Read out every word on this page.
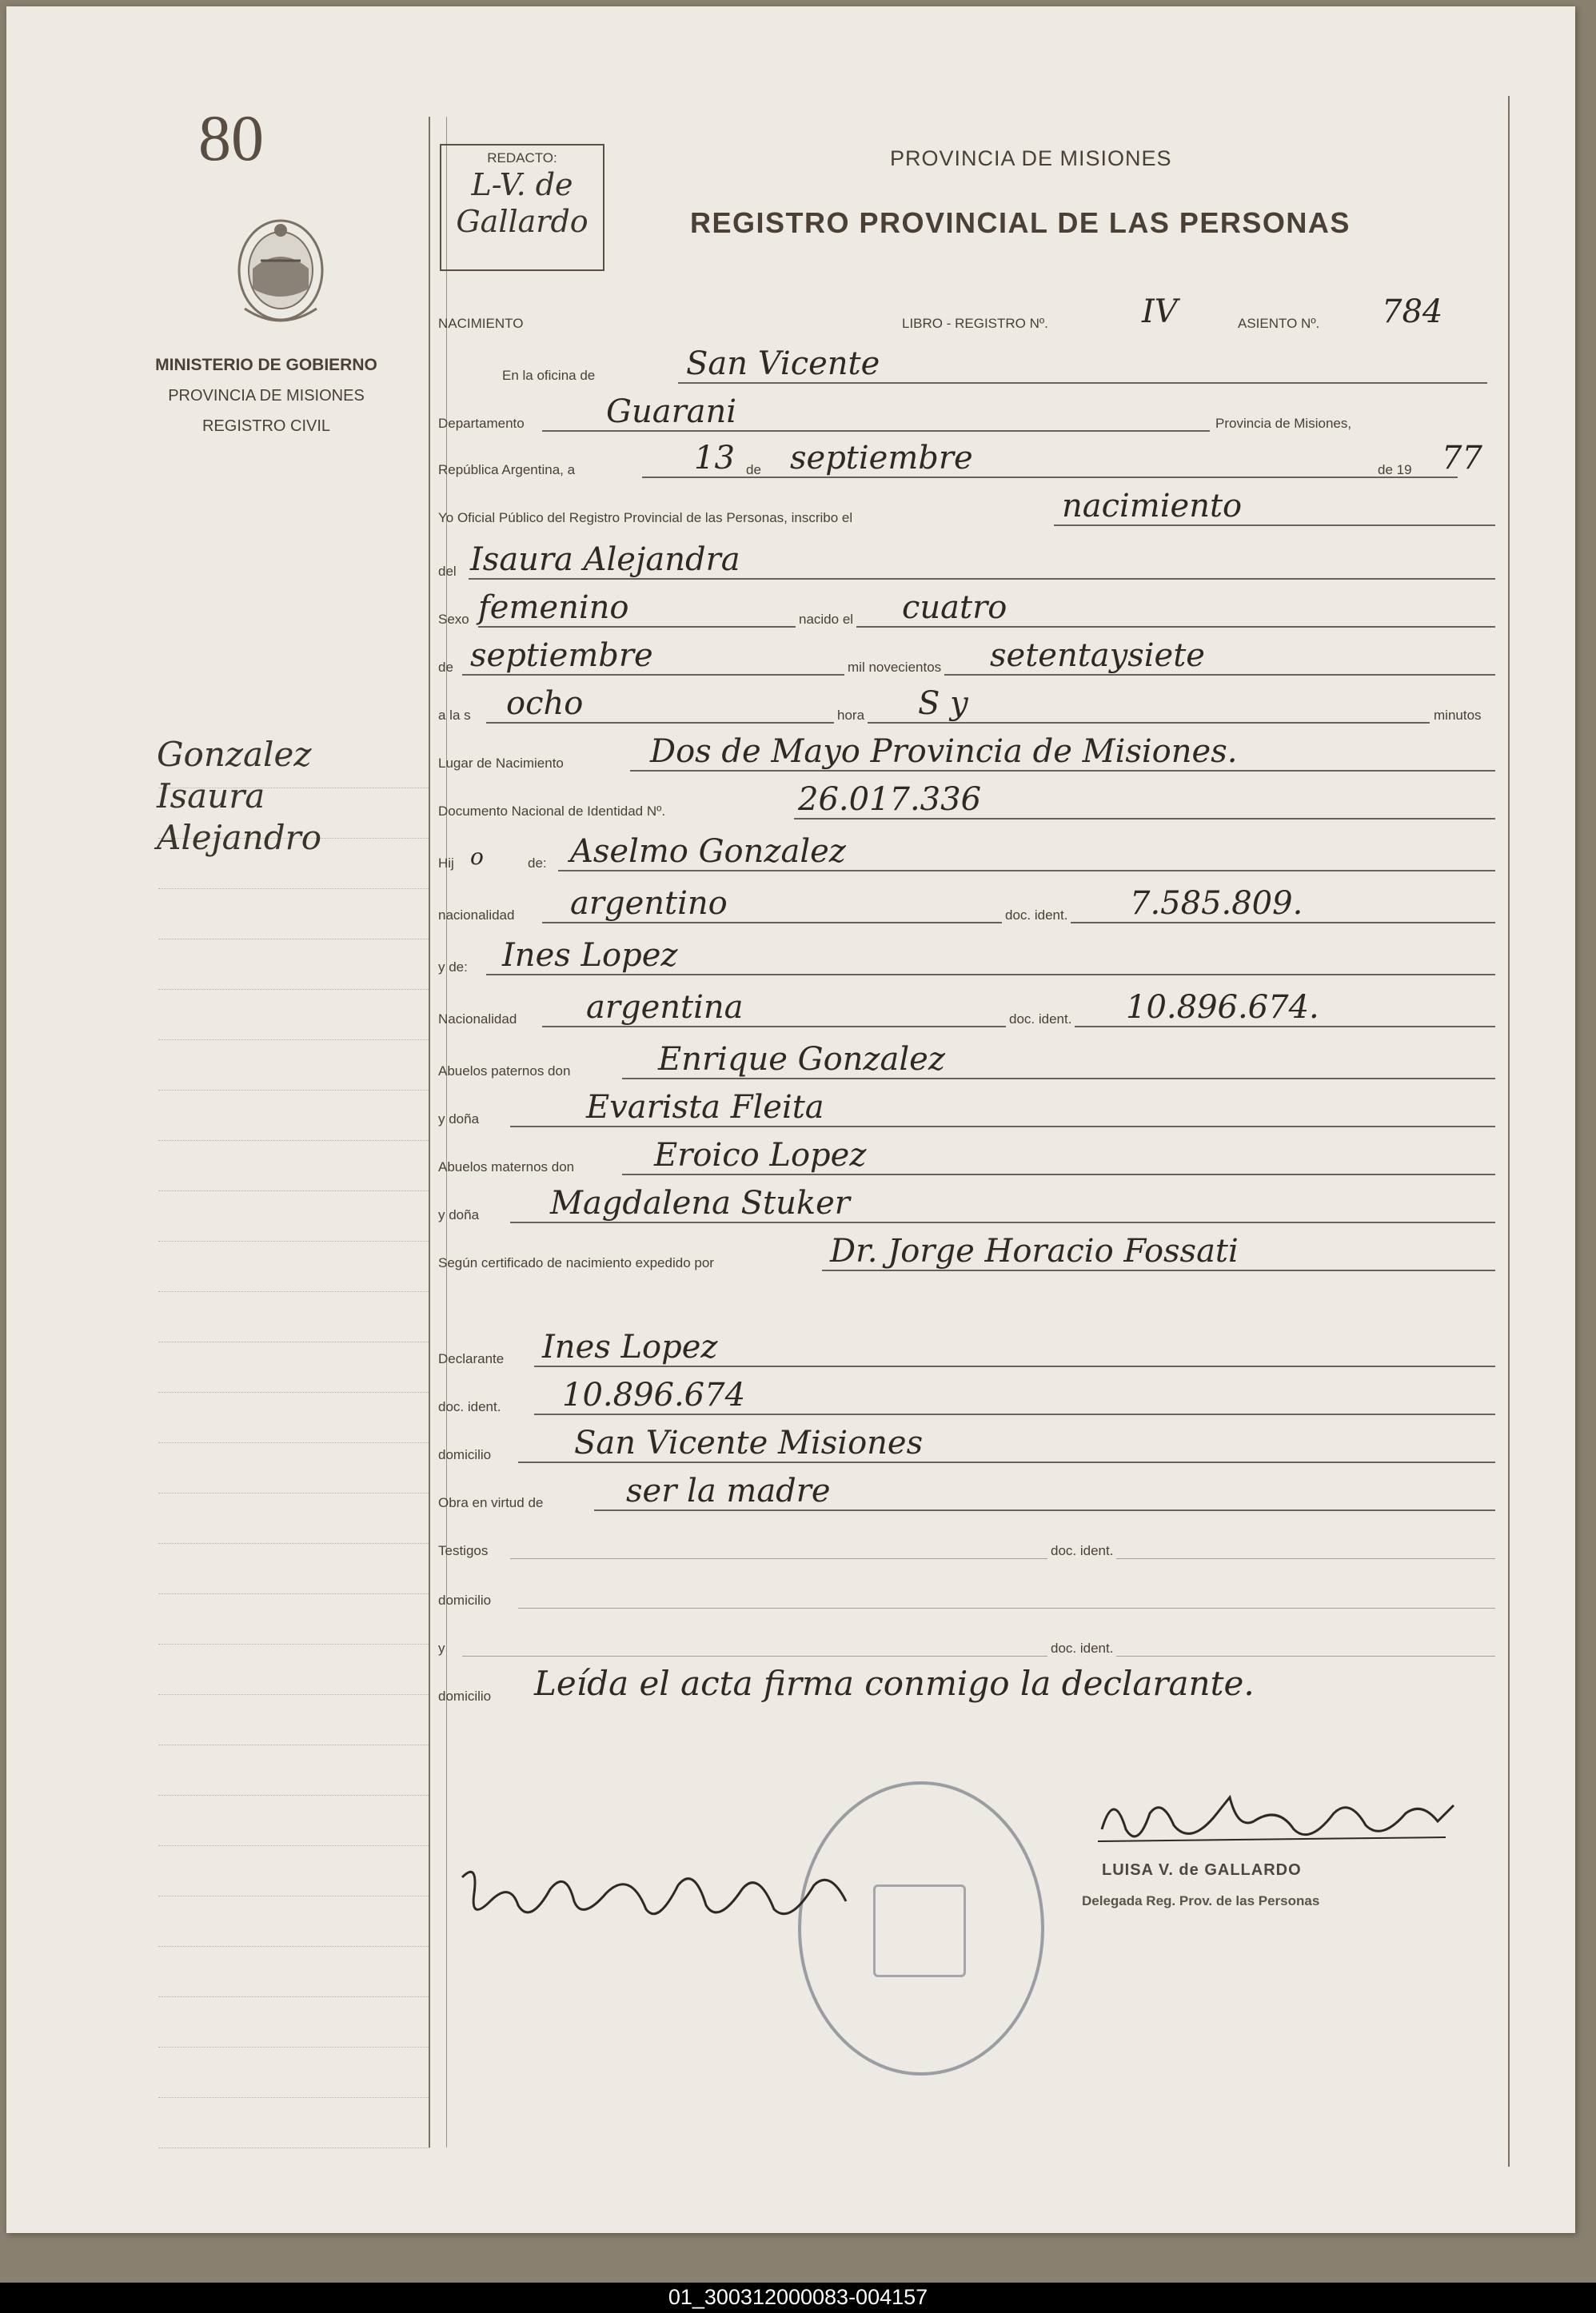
80
MINISTERIO DE GOBIERNO
PROVINCIA DE MISIONES
REGISTRO CIVIL
Gonzalez
Isaura
Alejandro
REDACTO:
L-V. de
Gallardo
PROVINCIA DE MISIONES
REGISTRO PROVINCIAL DE LAS PERSONAS
NACIMIENTO	LIBRO - REGISTRO Nº.	IV	ASIENTO Nº. 784
En la oficina de	San Vicente
Departamento	Guarani	Provincia de Misiones,
República Argentina, a	13 de septiembre	de 19 77
Yo Oficial Público del Registro Provincial de las Personas, inscribo el	nacimiento
del Isaura Alejandra
Sexo femenino	nacido el cuatro
de septiembre	mil novecientos setentaysiete
a la s ocho	hora S y	minutos
Lugar de Nacimiento	Dos de Mayo Provincia de Misiones.
Documento Nacional de Identidad Nº.	26.017.336
Hij o	de: Aselmo Gonzalez
nacionalidad argentino	doc. ident. 7.585.809.
y de: Ines Lopez
Nacionalidad argentina	doc. ident. 10.896.674.
Abuelos paternos don	Enrique Gonzalez
y doña	Evarista Fleita
Abuelos maternos don Eroico Lopez
y doña Magdalena Stuker
Según certificado de nacimiento expedido por	Dr. Jorge Horacio Fossati
Declarante Ines Lopez
doc. ident. 10.896.674
domicilio	San Vicente Misiones
Obra en virtud de	ser la madre
Testigos	doc. ident.
domicilio
y	doc. ident.
domicilio Leída el acta firma conmigo la declarante.
LUISA V. de GALLARDO
Delegada Reg. Prov. de las Personas
01_300312000083-004157
